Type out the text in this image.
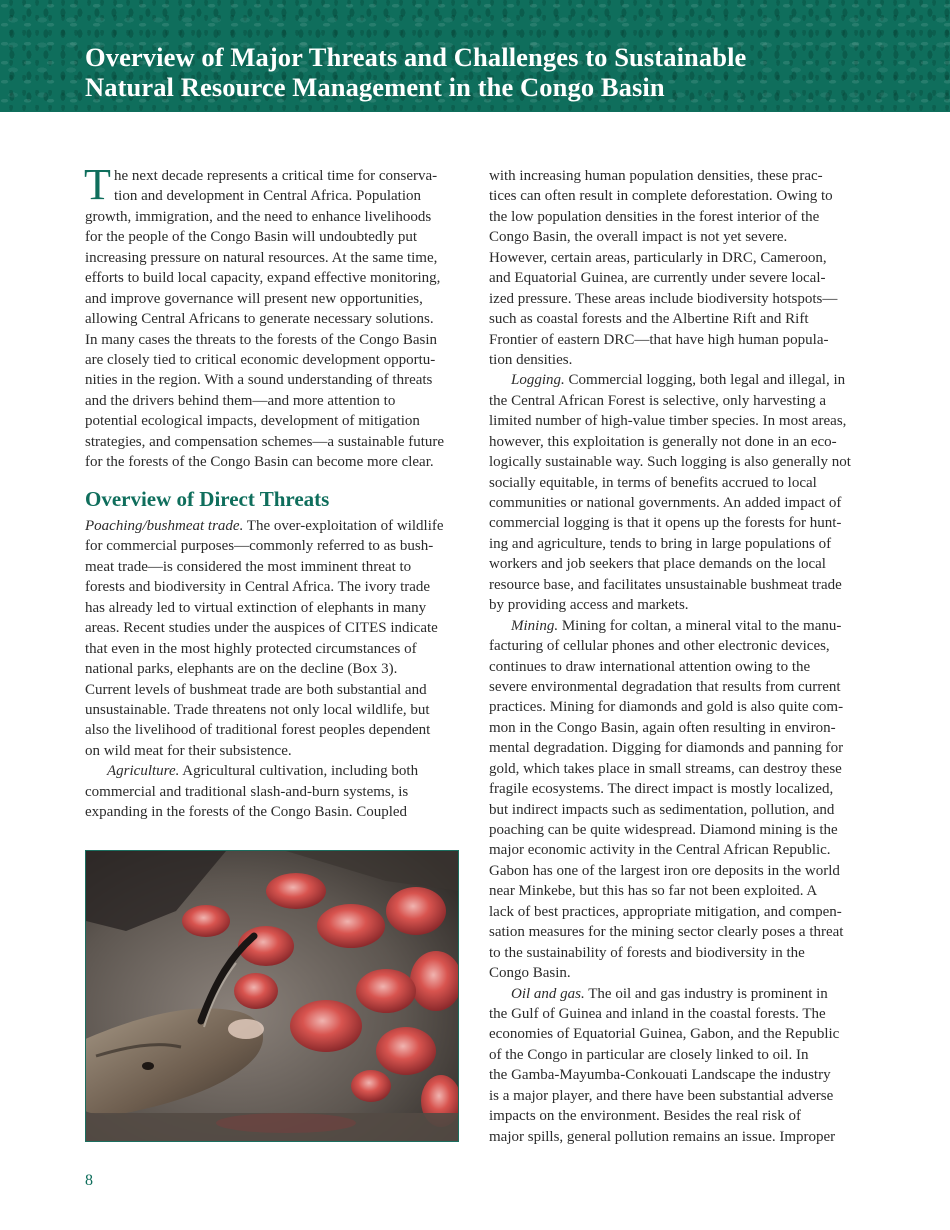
Overview of Major Threats and Challenges to Sustainable
Natural Resource Management in the Congo Basin
T he next decade represents a critical time for conserva-
tion and development in Central Africa. Population
growth, immigration, and the need to enhance livelihoods
for the people of the Congo Basin will undoubtedly put
increasing pressure on natural resources. At the same time,
efforts to build local capacity, expand effective monitoring,
and improve governance will present new opportunities,
allowing Central Africans to generate necessary solutions.
In many cases the threats to the forests of the Congo Basin
are closely tied to critical economic development opportu-
nities in the region. With a sound understanding of threats
and the drivers behind them—and more attention to
potential ecological impacts, development of mitigation
strategies, and compensation schemes—a sustainable future
for the forests of the Congo Basin can become more clear.
Overview of Direct Threats
Poaching/bushmeat trade. The over-exploitation of wildlife
for commercial purposes—commonly referred to as bush-
meat trade—is considered the most imminent threat to
forests and biodiversity in Central Africa. The ivory trade
has already led to virtual extinction of elephants in many
areas. Recent studies under the auspices of CITES indicate
that even in the most highly protected circumstances of
national parks, elephants are on the decline (Box 3).
Current levels of bushmeat trade are both substantial and
unsustainable. Trade threatens not only local wildlife, but
also the livelihood of traditional forest peoples dependent
on wild meat for their subsistence.
Agriculture. Agricultural cultivation, including both
commercial and traditional slash-and-burn systems, is
expanding in the forests of the Congo Basin. Coupled
with increasing human population densities, these prac-
tices can often result in complete deforestation. Owing to
the low population densities in the forest interior of the
Congo Basin, the overall impact is not yet severe.
However, certain areas, particularly in DRC, Cameroon,
and Equatorial Guinea, are currently under severe local-
ized pressure. These areas include biodiversity hotspots—
such as coastal forests and the Albertine Rift and Rift
Frontier of eastern DRC—that have high human popula-
tion densities.
Logging. Commercial logging, both legal and illegal, in
the Central African Forest is selective, only harvesting a
limited number of high-value timber species. In most areas,
however, this exploitation is generally not done in an eco-
logically sustainable way. Such logging is also generally not
socially equitable, in terms of benefits accrued to local
communities or national governments. An added impact of
commercial logging is that it opens up the forests for hunt-
ing and agriculture, tends to bring in large populations of
workers and job seekers that place demands on the local
resource base, and facilitates unsustainable bushmeat trade
by providing access and markets.
Mining. Mining for coltan, a mineral vital to the manu-
facturing of cellular phones and other electronic devices,
continues to draw international attention owing to the
severe environmental degradation that results from current
practices. Mining for diamonds and gold is also quite com-
mon in the Congo Basin, again often resulting in environ-
mental degradation. Digging for diamonds and panning for
gold, which takes place in small streams, can destroy these
fragile ecosystems. The direct impact is mostly localized,
but indirect impacts such as sedimentation, pollution, and
poaching can be quite widespread. Diamond mining is the
major economic activity in the Central African Republic.
Gabon has one of the largest iron ore deposits in the world
near Minkebe, but this has so far not been exploited. A
lack of best practices, appropriate mitigation, and compen-
sation measures for the mining sector clearly poses a threat
to the sustainability of forests and biodiversity in the
Congo Basin.
Oil and gas. The oil and gas industry is prominent in
the Gulf of Guinea and inland in the coastal forests. The
economies of Equatorial Guinea, Gabon, and the Republic
of the Congo in particular are closely linked to oil. In
the Gamba-Mayumba-Conkouati Landscape the industry
is a major player, and there have been substantial adverse
impacts on the environment. Besides the real risk of
major spills, general pollution remains an issue. Improper
8
